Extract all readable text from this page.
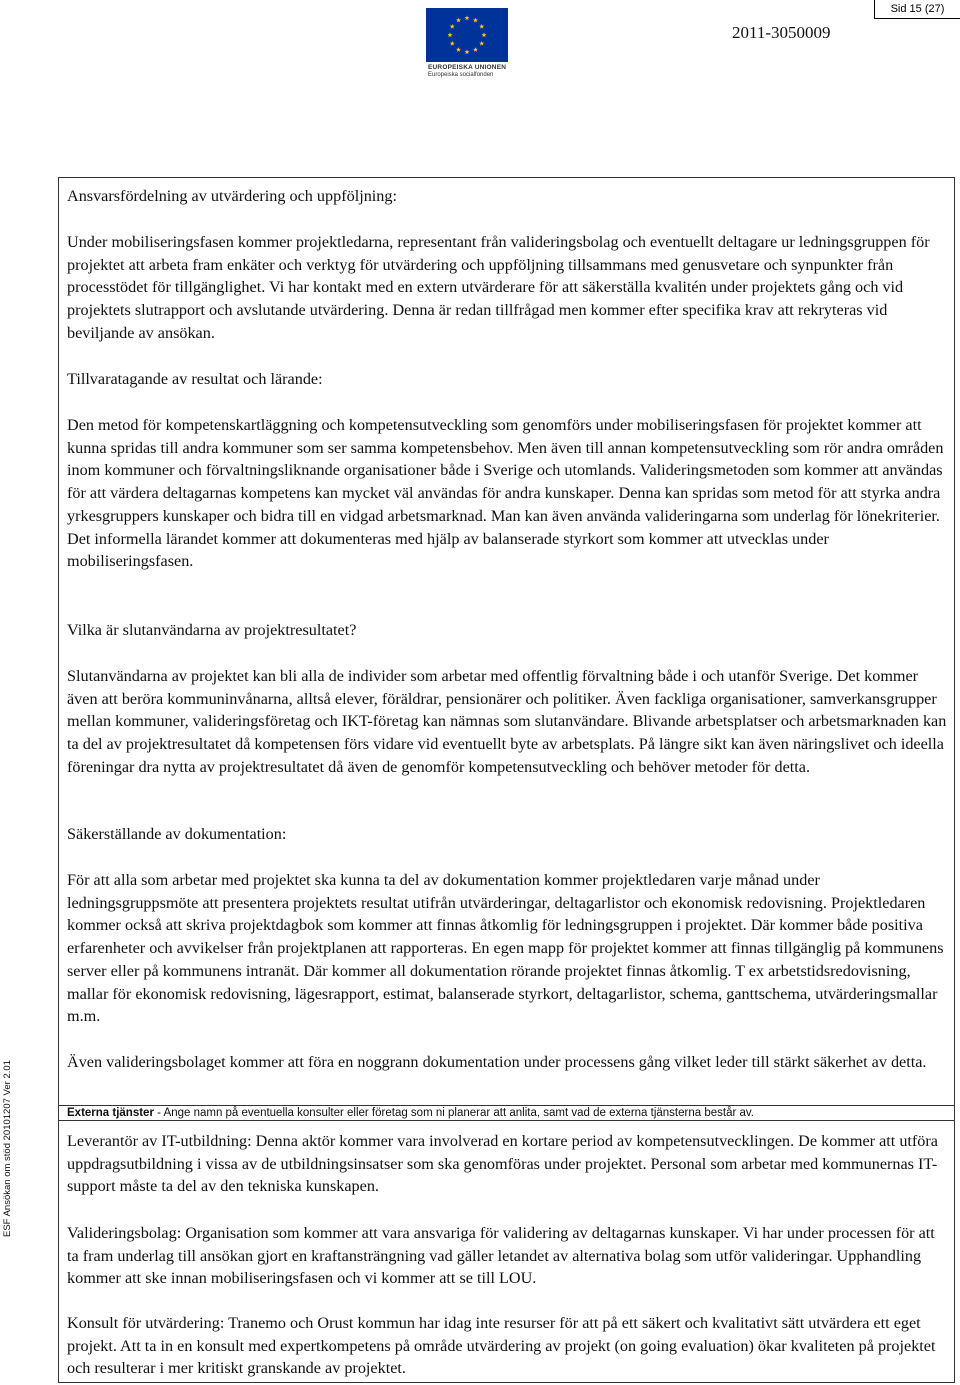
Sid 15 (27)
EUROPEISKA UNIONEN
Europeiska socialfonden
2011-3050009
ESF Ansökan om stöd 20101207 Ver 2.01

Ansvarsfördelning av utvärdering och uppföljning:

Under mobiliseringsfasen kommer projektledarna, representant från valideringsbolag och eventuellt deltagare ur ledningsgruppen för projektet att arbeta fram enkäter och verktyg för utvärdering och uppföljning tillsammans med genusvetare och synpunkter från processtödet för tillgänglighet. Vi har kontakt med en extern utvärderare för att säkerställa kvalitén under projektets gång och vid projektets slutrapport och avslutande utvärdering. Denna är redan tillfrågad men kommer efter specifika krav att rekryteras vid beviljande av ansökan.

Tillvaratagande av resultat och lärande:

Den metod för kompetenskartläggning och kompetensutveckling som genomförs under mobiliseringsfasen för projektet kommer att kunna spridas till andra kommuner som ser samma kompetensbehov. Men även till annan kompetensutveckling som rör andra områden inom kommuner och förvaltningsliknande organisationer både i Sverige och utomlands. Valideringsmetoden som kommer att användas för att värdera deltagarnas kompetens kan mycket väl användas för andra kunskaper. Denna kan spridas som metod för att styrka andra yrkesgruppers kunskaper och bidra till en vidgad arbetsmarknad. Man kan även använda valideringarna som underlag för lönekriterier. Det informella lärandet kommer att dokumenteras med hjälp av balanserade styrkort som kommer att utvecklas under mobiliseringsfasen.

Vilka är slutanvändarna av projektresultatet?

Slutanvändarna av projektet kan bli alla de individer som arbetar med offentlig förvaltning både i och utanför Sverige. Det kommer även att beröra kommuninvånarna, alltså elever, föräldrar, pensionärer och politiker. Även fackliga organisationer, samverkansgrupper mellan kommuner, valideringsföretag och IKT-företag kan nämnas som slutanvändare. Blivande arbetsplatser och arbetsmarknaden kan ta del av projektresultatet då kompetensen förs vidare vid eventuellt byte av arbetsplats. På längre sikt kan även näringslivet och ideella föreningar dra nytta av projektresultatet då även de genomför kompetensutveckling och behöver metoder för detta.

Säkerställande av dokumentation:

För att alla som arbetar med projektet ska kunna ta del av dokumentation kommer projektledaren varje månad under ledningsgruppsmöte att presentera projektets resultat utifrån utvärderingar, deltagarlistor och ekonomisk redovisning. Projektledaren kommer också att skriva projektdagbok som kommer att finnas åtkomlig för ledningsgruppen i projektet. Där kommer både positiva erfarenheter och avvikelser från projektplanen att rapporteras. En egen mapp för projektet kommer att finnas tillgänglig på kommunens server eller på kommunens intranät. Där kommer all dokumentation rörande projektet finnas åtkomlig. T ex arbetstidsredovisning, mallar för ekonomisk redovisning, lägesrapport, estimat, balanserade styrkort, deltagarlistor, schema, ganttschema, utvärderingsmallar m.m.

Även valideringsbolaget kommer att föra en noggrann dokumentation under processens gång vilket leder till stärkt säkerhet av detta.

Externa tjänster - Ange namn på eventuella konsulter eller företag som ni planerar att anlita, samt vad de externa tjänsterna består av.

Leverantör av IT-utbildning: Denna aktör kommer vara involverad en kortare period av kompetensutvecklingen. De kommer att utföra uppdragsutbildning i vissa av de utbildningsinsatser som ska genomföras under projektet. Personal som arbetar med kommunernas IT-support måste ta del av den tekniska kunskapen.

Valideringsbolag: Organisation som kommer att vara ansvariga för validering av deltagarnas kunskaper. Vi har under processen för att ta fram underlag till ansökan gjort en kraftansträngning vad gäller letandet av alternativa bolag som utför valideringar. Upphandling kommer att ske innan mobiliseringsfasen och vi kommer att se till LOU.

Konsult för utvärdering: Tranemo och Orust kommun har idag inte resurser för att på ett säkert och kvalitativt sätt utvärdera ett eget projekt. Att ta in en konsult med expertkompetens på område utvärdering av projekt (on going evaluation) ökar kvaliteten på projektet och resulterar i mer kritiskt granskande av projektet.
